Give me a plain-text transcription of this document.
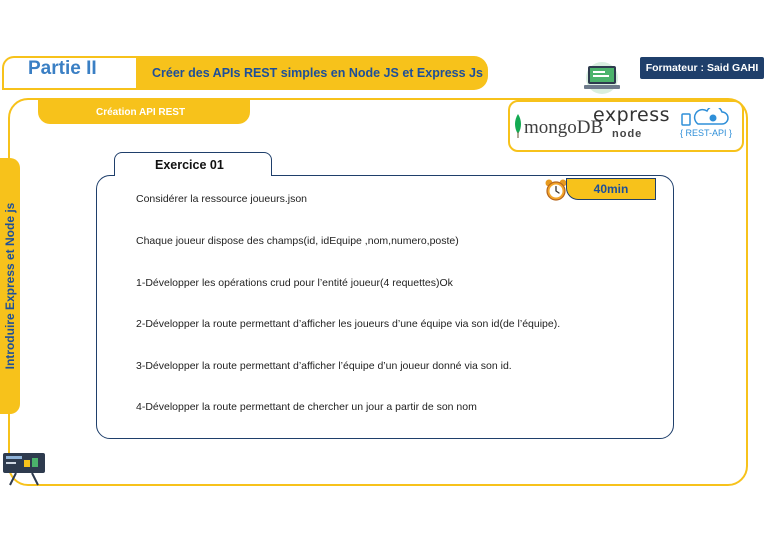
Partie II	Créer des APIs REST simples en Node JS et Express Js	Formateur : Said GAHI
Création API REST
mongoDB
express
node	{ REST-API }
Introduire Express et Node js
Exercice 01
40min
Considérer la ressource joueurs.json
Chaque joueur dispose des champs(id, idEquipe ,nom,numero,poste)
1-Développer les opérations crud pour l’entité joueur(4 requettes)Ok
2-Développer la route permettant d’afficher les joueurs d’une équipe via son id(de l’équipe).
3-Développer la route permettant d’afficher l’équipe d’un joueur donné via son id.
4-Développer la route permettant de chercher un jour a partir de son nom
